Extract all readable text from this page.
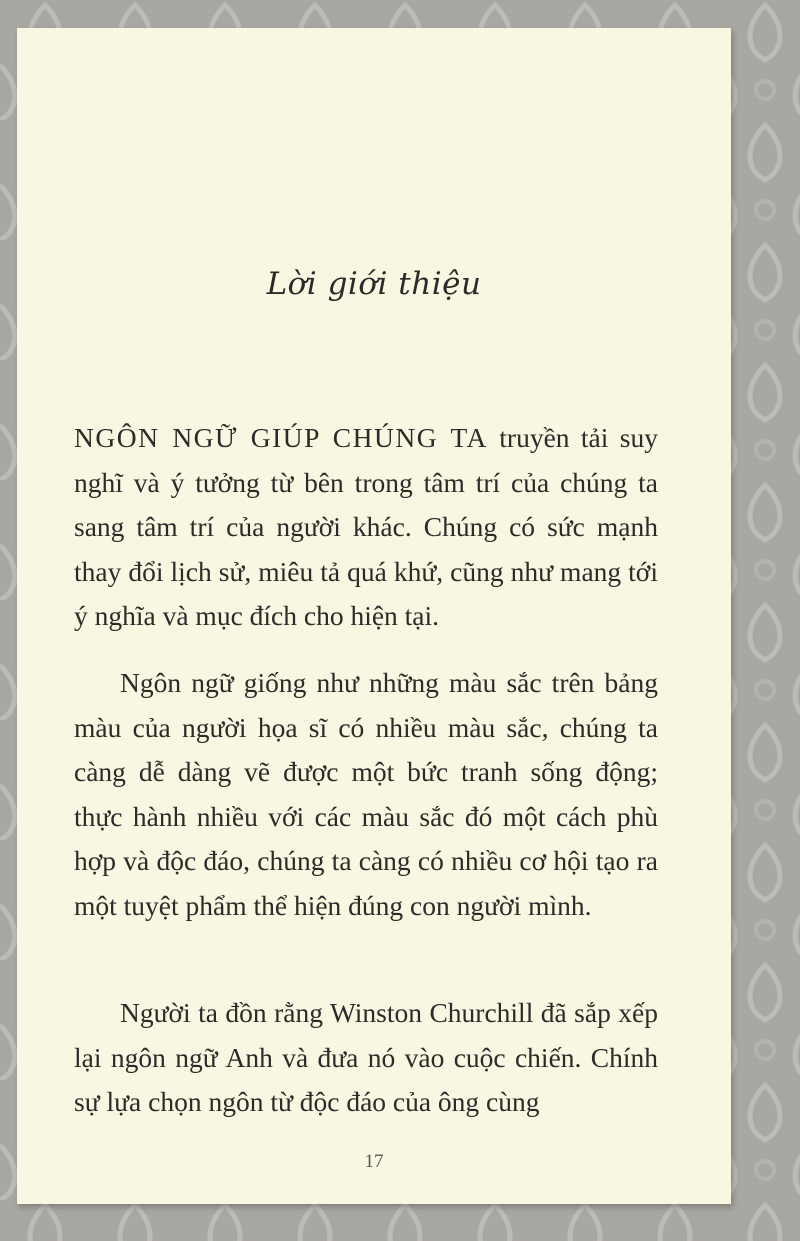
Lời giới thiệu

NGÔN NGỮ GIÚP CHÚNG TA truyền tải suy nghĩ và ý tưởng từ bên trong tâm trí của chúng ta sang tâm trí của người khác. Chúng có sức mạnh thay đổi lịch sử, miêu tả quá khứ, cũng như mang tới ý nghĩa và mục đích cho hiện tại.

Ngôn ngữ giống như những màu sắc trên bảng màu của người họa sĩ có nhiều màu sắc, chúng ta càng dễ dàng vẽ được một bức tranh sống động; thực hành nhiều với các màu sắc đó một cách phù hợp và độc đáo, chúng ta càng có nhiều cơ hội tạo ra một tuyệt phẩm thể hiện đúng con người mình.

Người ta đồn rằng Winston Churchill đã sắp xếp lại ngôn ngữ Anh và đưa nó vào cuộc chiến. Chính sự lựa chọn ngôn từ độc đáo của ông cùng

17
